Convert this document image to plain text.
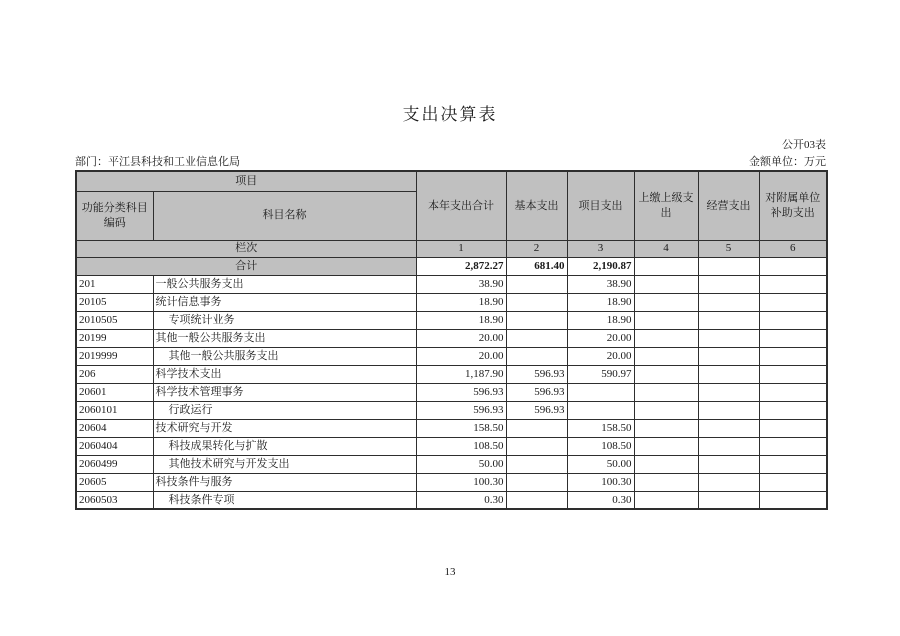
支出决算表
公开03表
部门：平江县科技和工业信息化局	金额单位：万元
项目		本年支出合计	基本支出	项目支出	上缴上级支出	经营支出	对附属单位补助支出
功能分类科目编码	科目名称						
栏次		1	2	3	4	5	6
合计		2,872.27	681.40	2,190.87			
201	一般公共服务支出	38.90		38.90			
20105	统计信息事务	18.90		18.90			
2010505	专项统计业务	18.90		18.90			
20199	其他一般公共服务支出	20.00		20.00			
2019999	其他一般公共服务支出	20.00		20.00			
206	科学技术支出	1,187.90	596.93	590.97			
20601	科学技术管理事务	596.93	596.93				
2060101	行政运行	596.93	596.93				
20604	技术研究与开发	158.50		158.50			
2060404	科技成果转化与扩散	108.50		108.50			
2060499	其他技术研究与开发支出	50.00		50.00			
20605	科技条件与服务	100.30		100.30			
2060503	科技条件专项	0.30		0.30			
13
